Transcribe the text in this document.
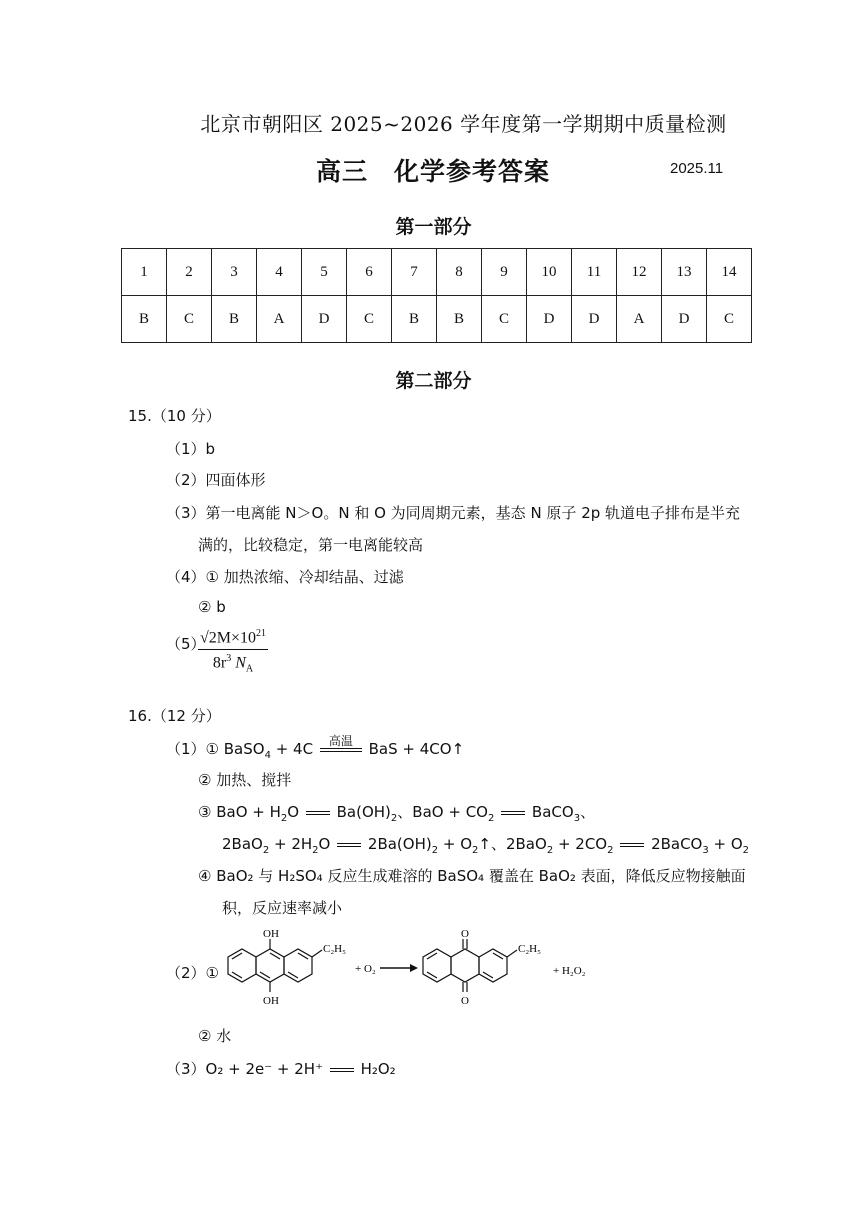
北京市朝阳区 2025~2026 学年度第一学期期中质量检测
高三　化学参考答案	2025.11
第一部分
1	2	3	4	5	6	7	8	9	10	11	12	13	14
B	C	B	A	D	C	B	B	C	D	D	A	D	C
第二部分
15.（10 分）
（1）b
（2）四面体形
（3）第一电离能 N＞O。N 和 O 为同周期元素，基态 N 原子 2p 轨道电子排布是半充
满的，比较稳定，第一电离能较高
（4）① 加热浓缩、冷却结晶、过滤
② b
（5）
$\frac{√2M\times 10^{21}}{8r^3 N_A}$
16.（12 分）
（1）① BaSO$_4$ + 4C	高温	BaS + 4CO↑
② 加热、搅拌
③ BaO + $H_2O$	$Ba(OH)_2$、BaO + $CO_2$	BaCO$_3$、
$2BaO_2 + 2H_2O$	$2Ba(OH)_2$ + $O_2↑$、$2BaO_2 + 2CO_2$	2BaCO$_3$ + $O_2$
④ BaO₂ 与 H₂SO₄ 反应生成难溶的 BaSO₄ 覆盖在 BaO₂ 表面，降低反应物接触面
积，反应速率减小
（2）①
OH
OH
C₂H₅
+ O₂
O
O
C₂H₅
+ H₂O₂
② 水
（3）O₂ + 2e⁻ + 2H⁺	H₂O₂
